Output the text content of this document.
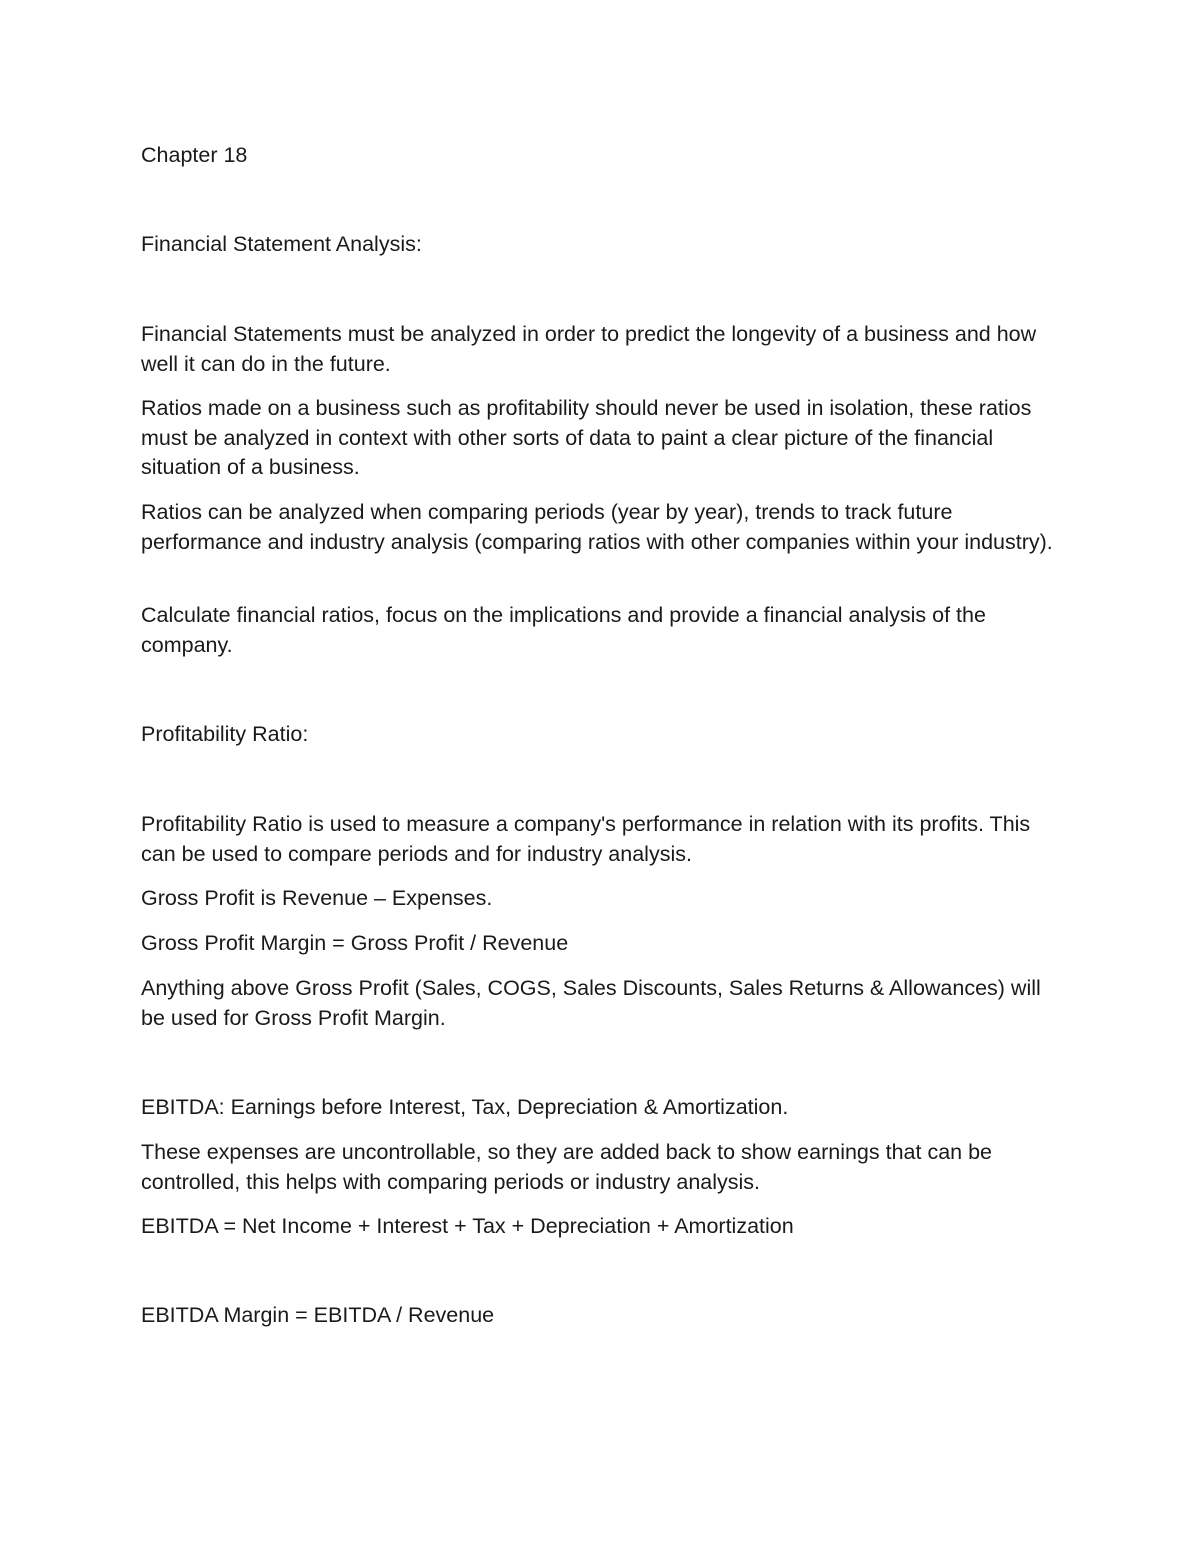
Chapter 18
Financial Statement Analysis:
Financial Statements must be analyzed in order to predict the longevity of a business and how well it can do in the future.
Ratios made on a business such as profitability should never be used in isolation, these ratios must be analyzed in context with other sorts of data to paint a clear picture of the financial situation of a business.
Ratios can be analyzed when comparing periods (year by year), trends to track future performance and industry analysis (comparing ratios with other companies within your industry).
Calculate financial ratios, focus on the implications and provide a financial analysis of the company.
Profitability Ratio:
Profitability Ratio is used to measure a company's performance in relation with its profits. This can be used to compare periods and for industry analysis.
Gross Profit is Revenue – Expenses.
Gross Profit Margin = Gross Profit / Revenue
Anything above Gross Profit (Sales, COGS, Sales Discounts, Sales Returns & Allowances) will be used for Gross Profit Margin.
EBITDA: Earnings before Interest, Tax, Depreciation & Amortization.
These expenses are uncontrollable, so they are added back to show earnings that can be controlled, this helps with comparing periods or industry analysis.
EBITDA = Net Income + Interest + Tax + Depreciation + Amortization
EBITDA Margin = EBITDA / Revenue
